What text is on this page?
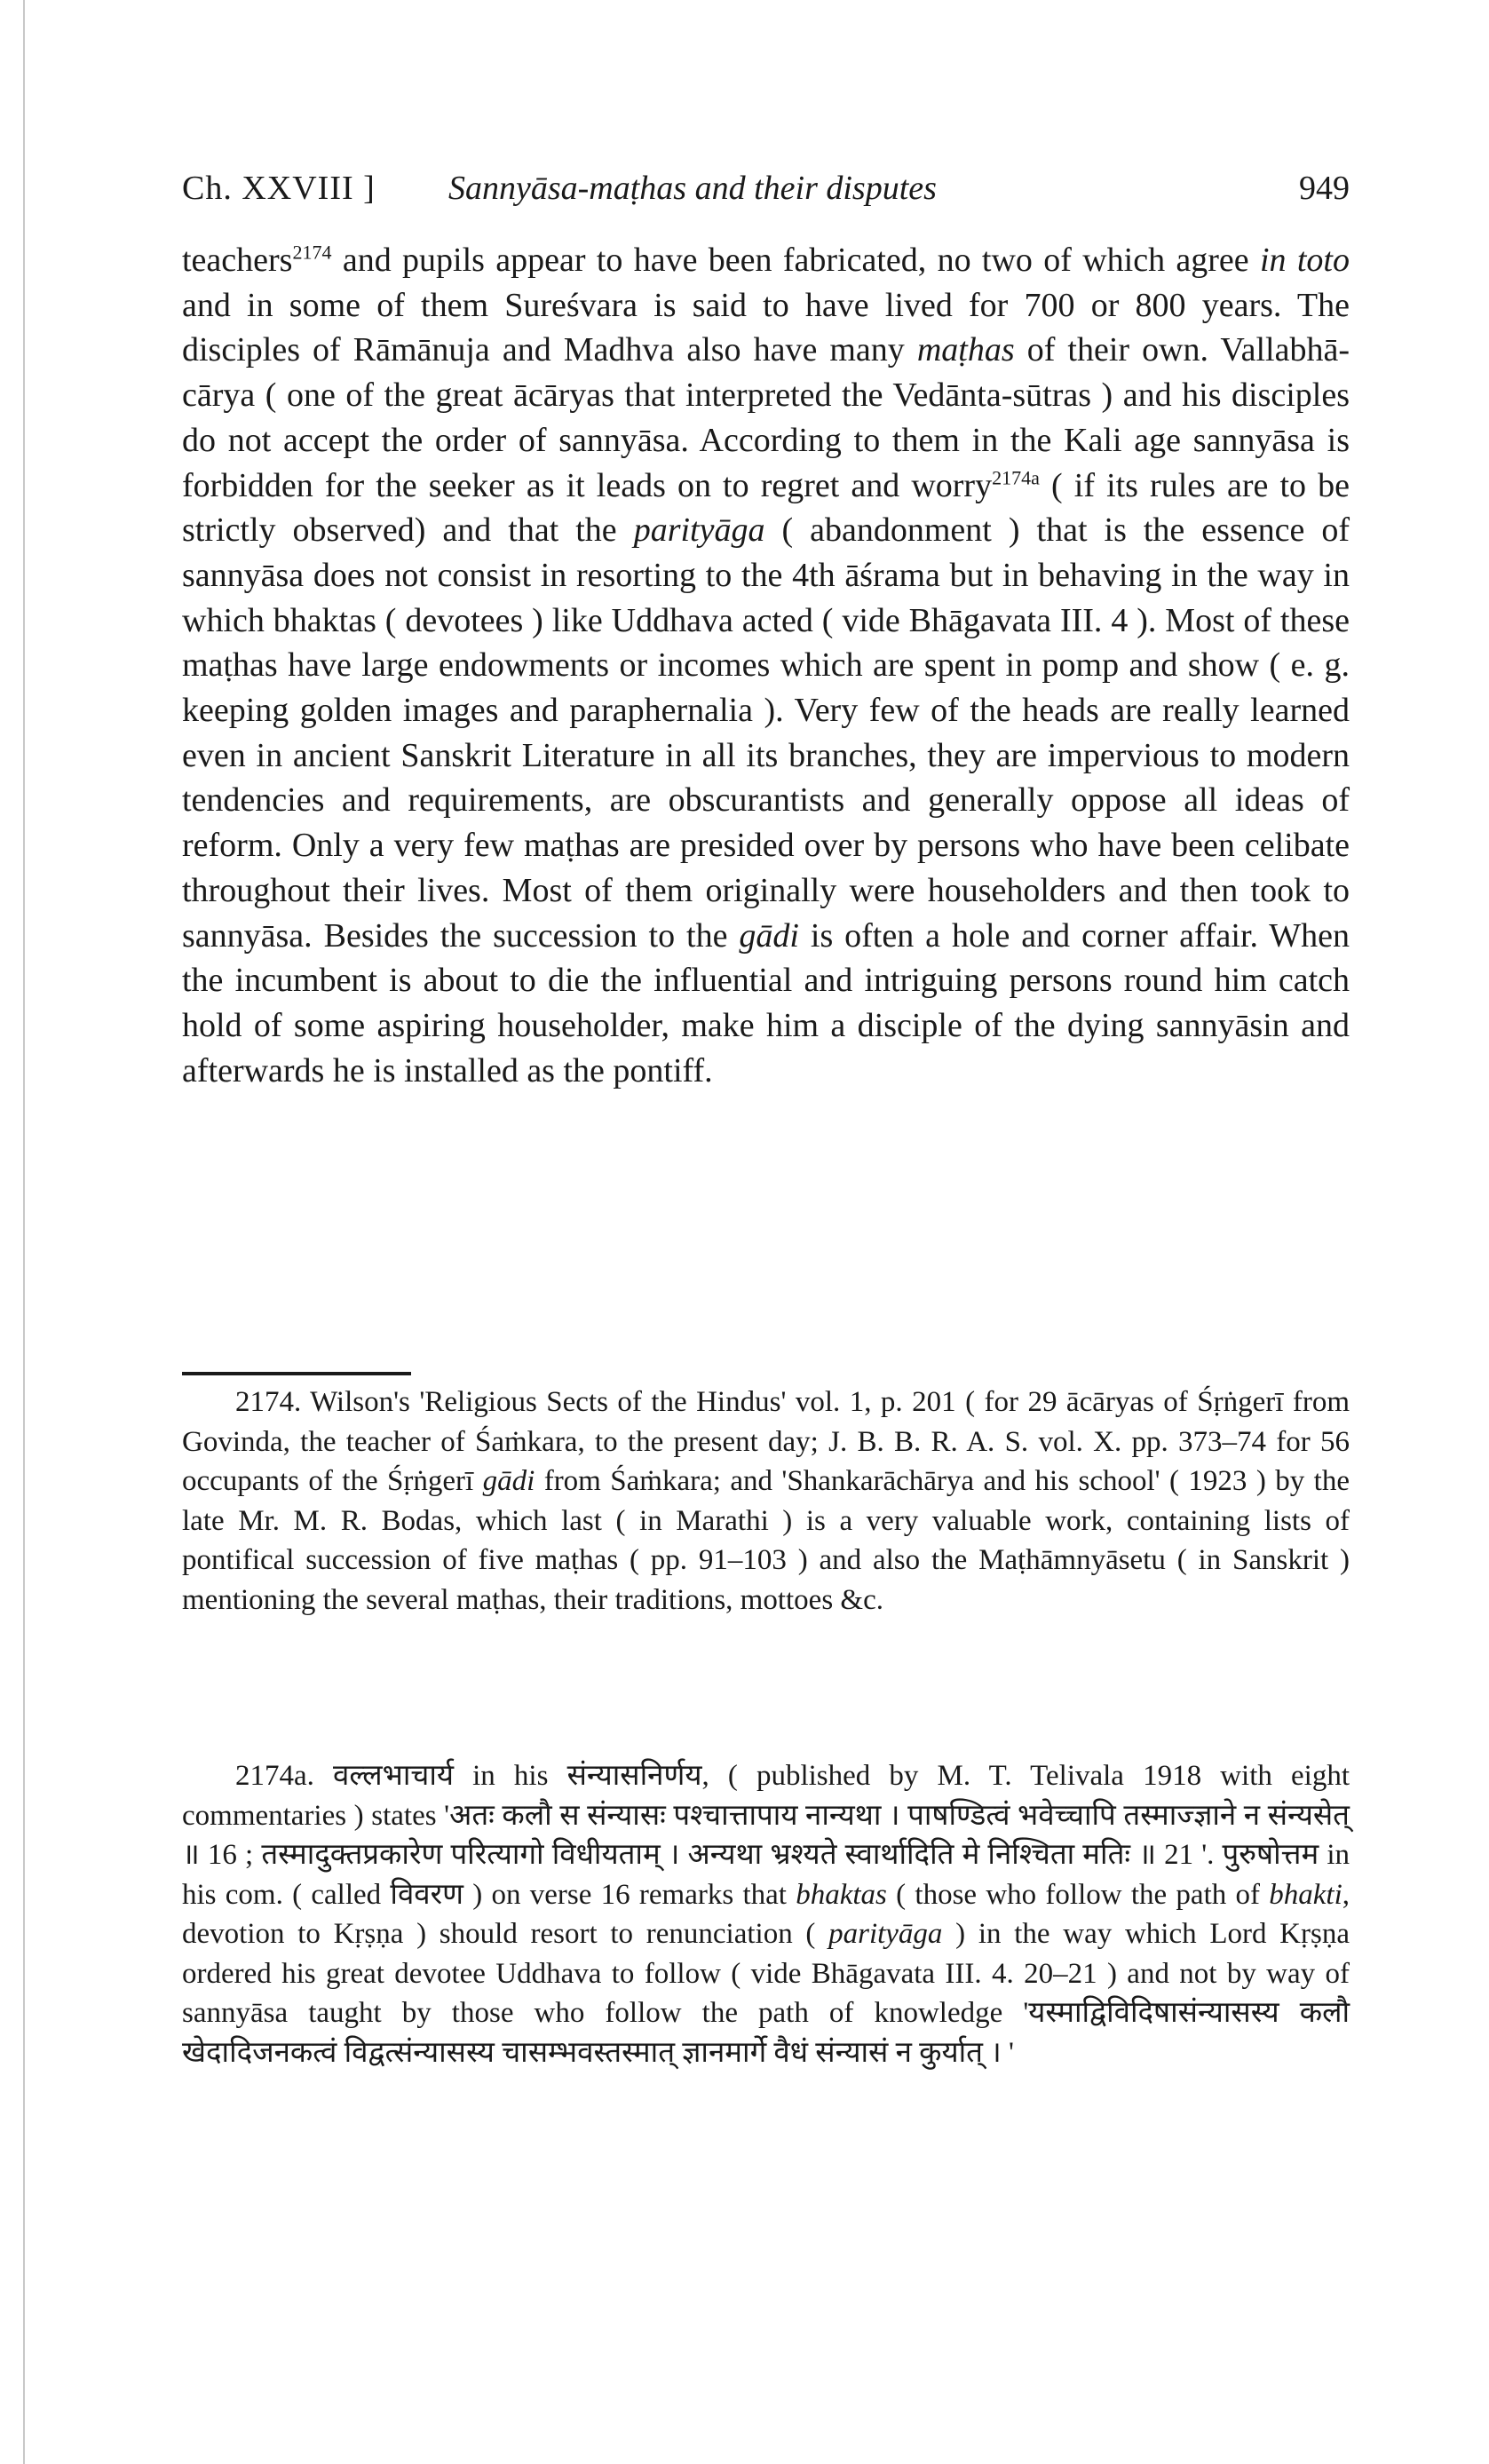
Ch. XXVIII ] Sannyāsa-maṭhas and their disputes	949

teachers$^{2174}$ and pupils appear to have been fabricated, no two of which agree in toto and in some of them Sureśvara is said to have lived for 700 or 800 years. The disciples of Rāmānuja and Madhva also have many maṭhas of their own. Vallabhācārya ( one of the great ācāryas that interpreted the Vedānta-sūtras ) and his disciples do not accept the order of sannyāsa. According to them in the Kali age sannyāsa is forbidden for the seeker as it leads on to regret and worry$^{2174a}$ ( if its rules are to be strictly observed) and that the parityāga ( abandonment ) that is the essence of sannyāsa does not consist in resorting to the 4th āśrama but in behaving in the way in which bhaktas ( devotees ) like Uddhava acted ( vide Bhāgavata III. 4 ). Most of these maṭhas have large endowments or incomes which are spent in pomp and show ( e. g. keeping golden images and paraphernalia ). Very few of the heads are really learned even in ancient Sanskrit Literature in all its branches, they are impervious to modern tendencies and requirements, are obscurantists and generally oppose all ideas of reform. Only a very few maṭhas are presided over by persons who have been celibate throughout their lives. Most of them originally were householders and then took to sannyāsa. Besides the succession to the gādi is often a hole and corner affair. When the incumbent is about to die the influential and intriguing persons round him catch hold of some aspiring householder, make him a disciple of the dying sannyāsin and afterwards he is installed as the pontiff.

2174. Wilson's 'Religious Sects of the Hindus' vol. 1, p. 201 ( for 29 ācāryas of Śṛṅgerī from Govinda, the teacher of Śaṁkara, to the present day; J. B. B. R. A. S. vol. X. pp. 373–74 for 56 occupants of the Śṛṅgerī gādi from Śaṁkara; and 'Shankarāchārya and his school' ( 1923 ) by the late Mr. M. R. Bodas, which last ( in Marathi ) is a very valuable work, containing lists of pontifical succession of five maṭhas ( pp. 91–103 ) and also the Maṭhāmnyāsetu ( in Sanskrit ) mentioning the several maṭhas, their traditions, mottoes &c.

2174a. वल्लभाचार्य in his संन्यासनिर्णय, ( published by M. T. Telivala 1918 with eight commentaries ) states 'अतः कलौ स संन्यासः पश्चात्तापाय नान्यथा । पाषण्डित्वं भवेच्चापि तस्माज्ज्ञाने न संन्यसेत् ॥ 16 ; तस्मादुक्तप्रकारेण परित्यागो विधीयताम् । अन्यथा भ्रश्यते स्वार्थादिति मे निश्चिता मतिः ॥ 21 '. पुरुषोत्तम in his com. ( called विवरण ) on verse 16 remarks that bhaktas ( those who follow the path of bhakti, devotion to Kṛṣṇa ) should resort to renunciation ( parityāga ) in the way which Lord Kṛṣṇa ordered his great devotee Uddhava to follow ( vide Bhāgavata III. 4. 20–21 ) and not by way of sannyāsa taught by those who follow the path of knowledge 'यस्माद्विविदिषासंन्यासस्य कलौ खेदादिजनकत्वं विद्वत्संन्यासस्य चासम्भवस्तस्मात् ज्ञानमार्गे वैधं संन्यासं न कुर्यात् । '
